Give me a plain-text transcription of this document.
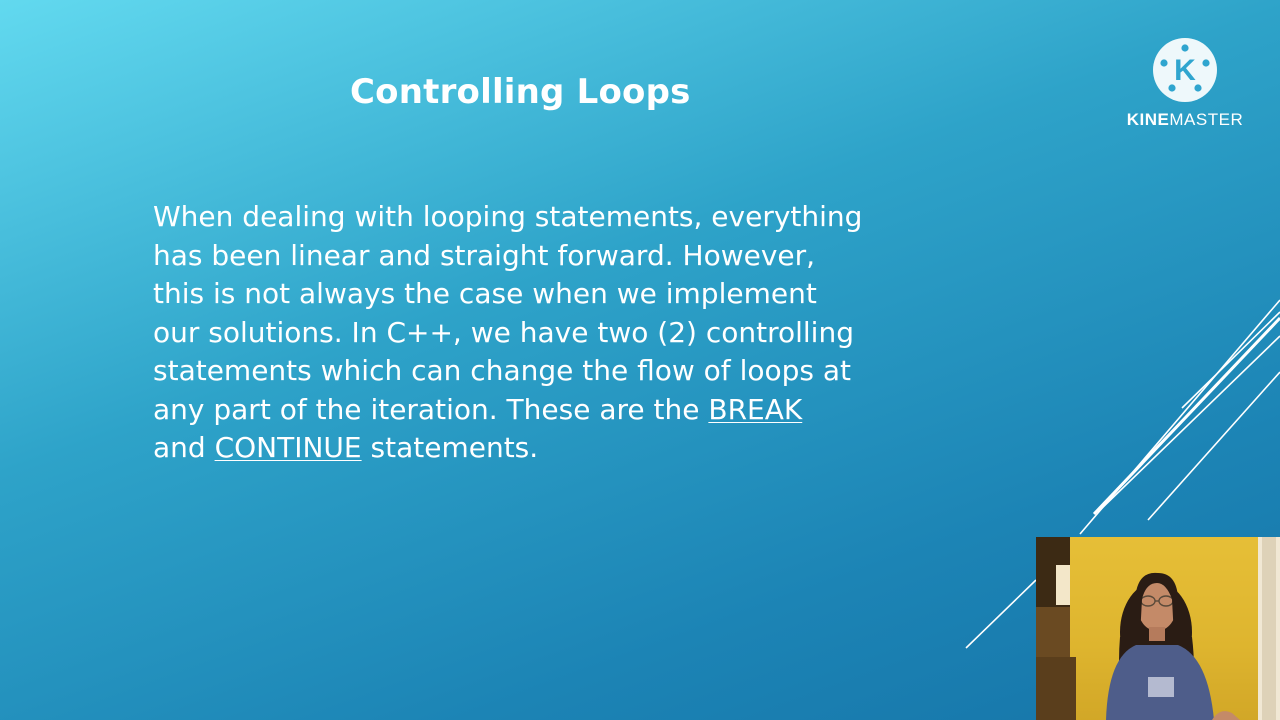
Controlling Loops

When dealing with looping statements, everything has been linear and straight forward. However, this is not always the case when we implement our solutions. In C++, we have two (2) controlling statements which can change the flow of loops at any part of the iteration. These are the BREAK and CONTINUE statements.

K
KINEMASTER
